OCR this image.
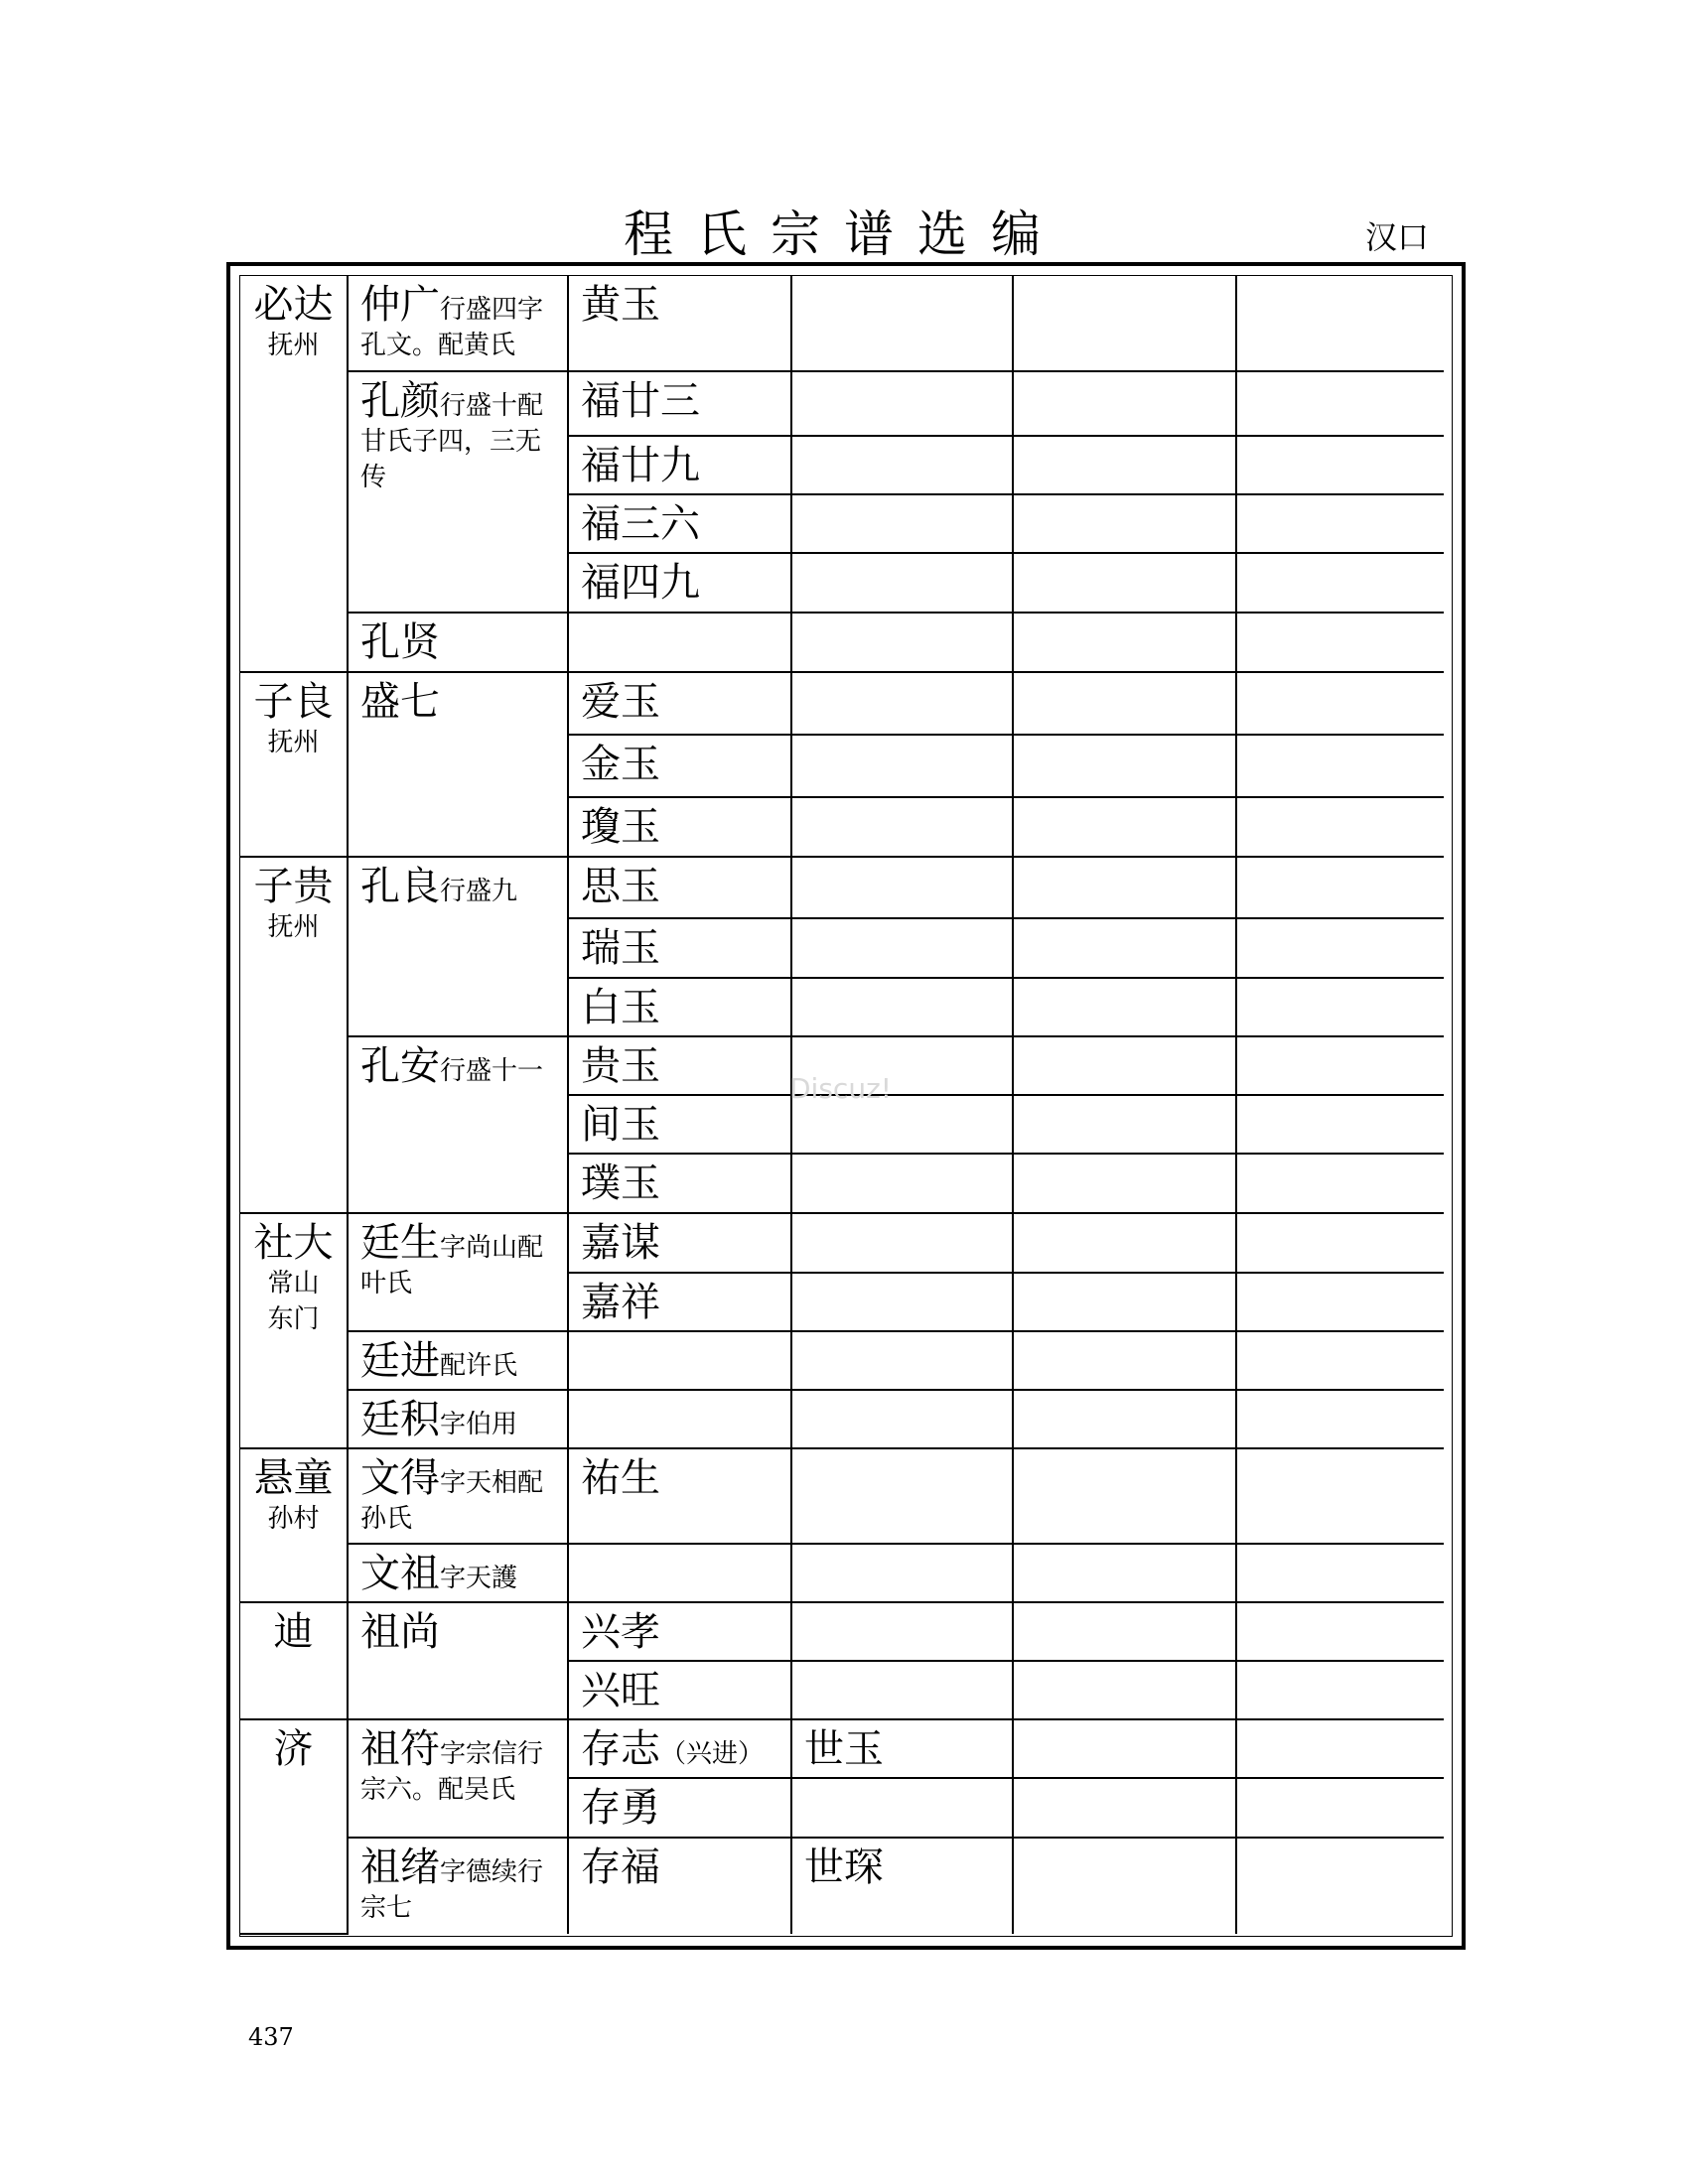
程氏宗谱选编	汉口
必达
抚州	仲广行盛四字孔文。配黄氏	黄玉			
	孔颜行盛十配甘氏子四，三无传	福廿三			
		福廿九			
		福三六			
		福四九			
	孔贤				
子良
抚州	盛七	爱玉			
		金玉			
		瓊玉			
子贵
抚州	孔良行盛九	思玉			
		瑞玉			
		白玉			
	孔安行盛十一	贵玉			
		间玉			
		璞玉			
社大
常山东门	廷生字尚山配叶氏	嘉谋			
		嘉祥			
	廷进配许氏				
	廷积字伯用				
悬童
孙村	文得字天相配孙氏	祐生			
	文祖字天護				
迪	祖尚	兴孝			
		兴旺			
济	祖符字宗信行宗六。配吴氏	存志（兴进）	世玉		
		存勇			
	祖绪字德续行宗七	存福	世琛		
Discuz!
437
